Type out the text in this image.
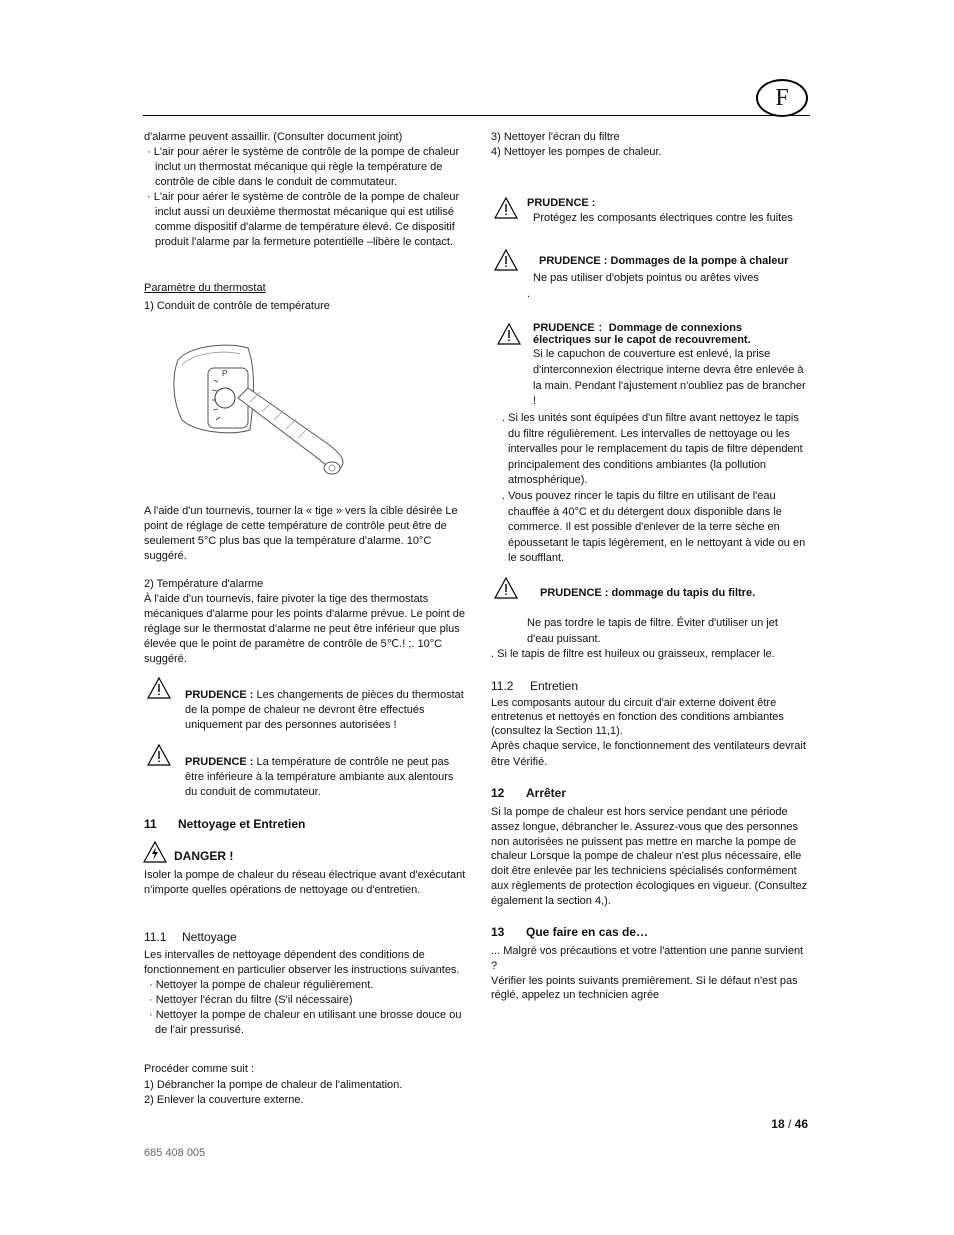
F

d'alarme peuvent assaillir. (Consulter document joint)

· L'air pour aérer le système de contrôle de la pompe de chaleur inclut un thermostat mécanique qui règle la température de contrôle de cible dans le conduit de commutateur.

· L'air pour aérer le système de contrôle de la pompe de chaleur inclut aussi un deuxième thermostat mécanique qui est utilisé comme dispositif d'alarme de température élevé. Ce dispositif produit l'alarme par la fermeture potentielle –libère le contact.

Paramètre du thermostat
1) Conduit de contrôle de température
P

A l'aide d'un tournevis, tourner la « tige » vers la cible désirée Le point de réglage de cette température de contrôle peut être de seulement 5°C plus bas que la température d'alarme. 10°C suggéré.

2) Température d'alarme

À l'aide d'un tournevis, faire pivoter la tige des thermostats mécaniques d'alarme pour les points d'alarme prévue. Le point de réglage sur le thermostat d'alarme ne peut être inférieur que plus élevée que le point de paramètre de contrôle de 5℃.! ;. 10°C suggéré.

PRUDENCE : Les changements de pièces du thermostat de la pompe de chaleur ne devront être effectués uniquement par des personnes autorisées !

PRUDENCE : La température de contrôle ne peut pas être inférieure à la température ambiante aux alentours du conduit de commutateur.

11 Nettoyage et Entretien
DANGER !

Isoler la pompe de chaleur du réseau électrique avant d'exécutant n'importe quelles opérations de nettoyage ou d'entretien.

11.1 Nettoyage

Les intervalles de nettoyage dépendent des conditions de fonctionnement en particulier observer les instructions suivantes.

· Nettoyer la pompe de chaleur régulièrement.

· Nettoyer l'écran du filtre (S'il nécessaire)

· Nettoyer la pompe de chaleur en utilisant une brosse douce ou de l'air pressurisé.

Procéder comme suit :

1) Débrancher la pompe de chaleur de l'alimentation.

2) Enlever la couverture externe.

3) Nettoyer l'écran du filtre

4) Nettoyer les pompes de chaleur.

PRUDENCE :
Protégez les composants électriques contre les fuites
PRUDENCE : Dommages de la pompe à chaleur
Ne pas utiliser d'objets pointus ou arêtes vives
.
PRUDENCE ：Dommage de connexions électriques sur le capot de recouvrement.
Si le capuchon de couverture est enlevé, la prise d'interconnexion électrique interne devra être enlevée à la main. Pendant l'ajustement n'oubliez pas de brancher !

. Si les unités sont équipées d'un filtre avant nettoyez le tapis du filtre régulièrement. Les intervalles de nettoyage ou les intervalles pour le remplacement du tapis de filtre dépendent principalement des conditions ambiantes (la pollution atmosphérique).

. Vous pouvez rincer le tapis du filtre en utilisant de l'eau chauffée à 40°C et du détergent doux disponible dans le commerce. Il est possible d'enlever de la terre sèche en époussetant le tapis légèrement, en le nettoyant à vide ou en le soufflant.

PRUDENCE : dommage du tapis du filtre.
Ne pas tordre le tapis de filtre. Éviter d'utiliser un jet d'eau puissant.
. Si le tapis de filtre est huileux ou graisseux, remplacer le.
11.2 Entretien

Les composants autour du circuit d'air externe doivent être entretenus et nettoyés en fonction des conditions ambiantes (consultez la Section 11,1).

Après chaque service, le fonctionnement des ventilateurs devrait être Vérifié.

12 Arrêter

Si la pompe de chaleur est hors service pendant une période assez longue, débrancher le. Assurez-vous que des personnes non autorisées ne puissent pas mettre en marche la pompe de chaleur Lorsque la pompe de chaleur n'est plus nécessaire, elle doit être enlevée par les techniciens spécialisés conformément aux règlements de protection écologiques en vigueur. (Consultez également la section 4,).

13 Que faire en cas de…

... Malgré vos précautions et votre l'attention une panne survient ?

Vérifier les points suivants premièrement. Si le défaut n'est pas réglé, appelez un technicien agrée

18 / 46
685 408 005
